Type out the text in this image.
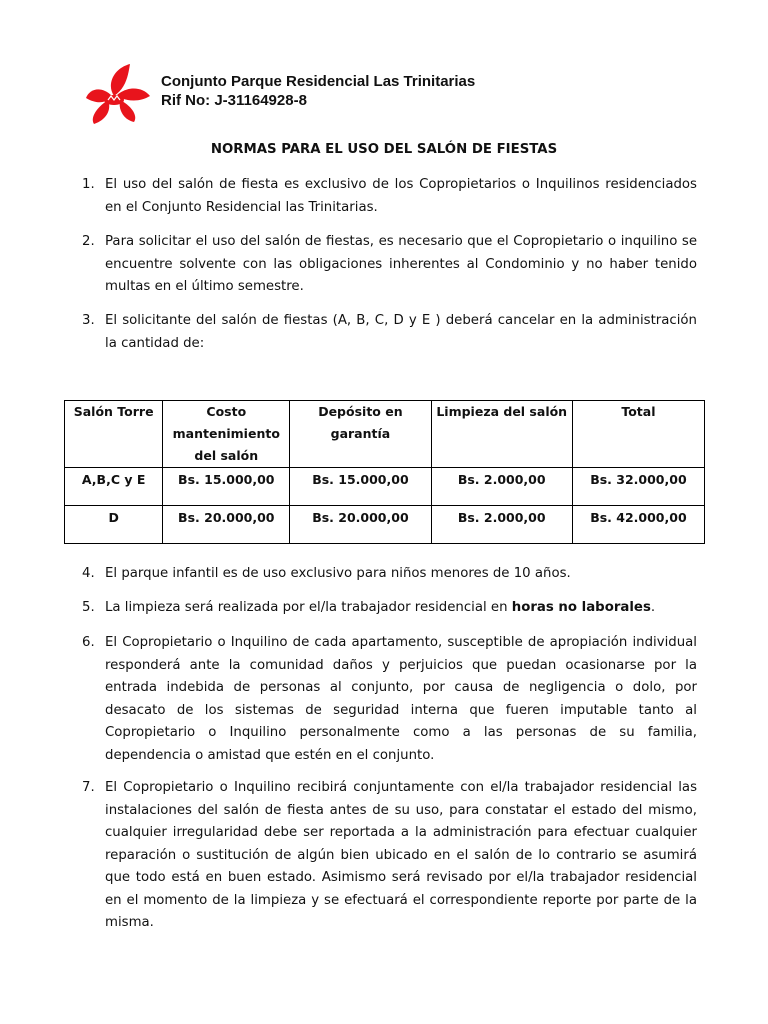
Conjunto Parque Residencial Las Trinitarias
Rif No: J-31164928-8
NORMAS PARA EL USO DEL SALÓN DE FIESTAS
1. El uso del salón de fiesta es exclusivo de los Copropietarios o Inquilinos residenciados en el Conjunto Residencial las Trinitarias.
2. Para solicitar el uso del salón de fiestas, es necesario que el Copropietario o inquilino se encuentre solvente con las obligaciones inherentes al Condominio y no haber tenido multas en el último semestre.
3. El solicitante del salón de fiestas (A, B, C, D y E ) deberá cancelar en la administración la cantidad de:
Salón Torre	Costo mantenimiento del salón	Depósito en garantía	Limpieza del salón	Total
A,B,C y E	Bs. 15.000,00	Bs. 15.000,00	Bs. 2.000,00	Bs. 32.000,00
D	Bs. 20.000,00	Bs. 20.000,00	Bs. 2.000,00	Bs. 42.000,00
4. El parque infantil es de uso exclusivo para niños menores de 10 años.
5. La limpieza será realizada por el/la trabajador residencial en horas no laborales.
6. El Copropietario o Inquilino de cada apartamento, susceptible de apropiación individual responderá ante la comunidad daños y perjuicios que puedan ocasionarse por la entrada indebida de personas al conjunto, por causa de negligencia o dolo, por desacato de los sistemas de seguridad interna que fueren imputable tanto al Copropietario o Inquilino personalmente como a las personas de su familia, dependencia o amistad que estén en el conjunto.
7. El Copropietario o Inquilino recibirá conjuntamente con el/la trabajador residencial las instalaciones del salón de fiesta antes de su uso, para constatar el estado del mismo, cualquier irregularidad debe ser reportada a la administración para efectuar cualquier reparación o sustitución de algún bien ubicado en el salón de lo contrario se asumirá que todo está en buen estado. Asimismo será revisado por el/la trabajador residencial en el momento de la limpieza y se efectuará el correspondiente reporte por parte de la misma.
